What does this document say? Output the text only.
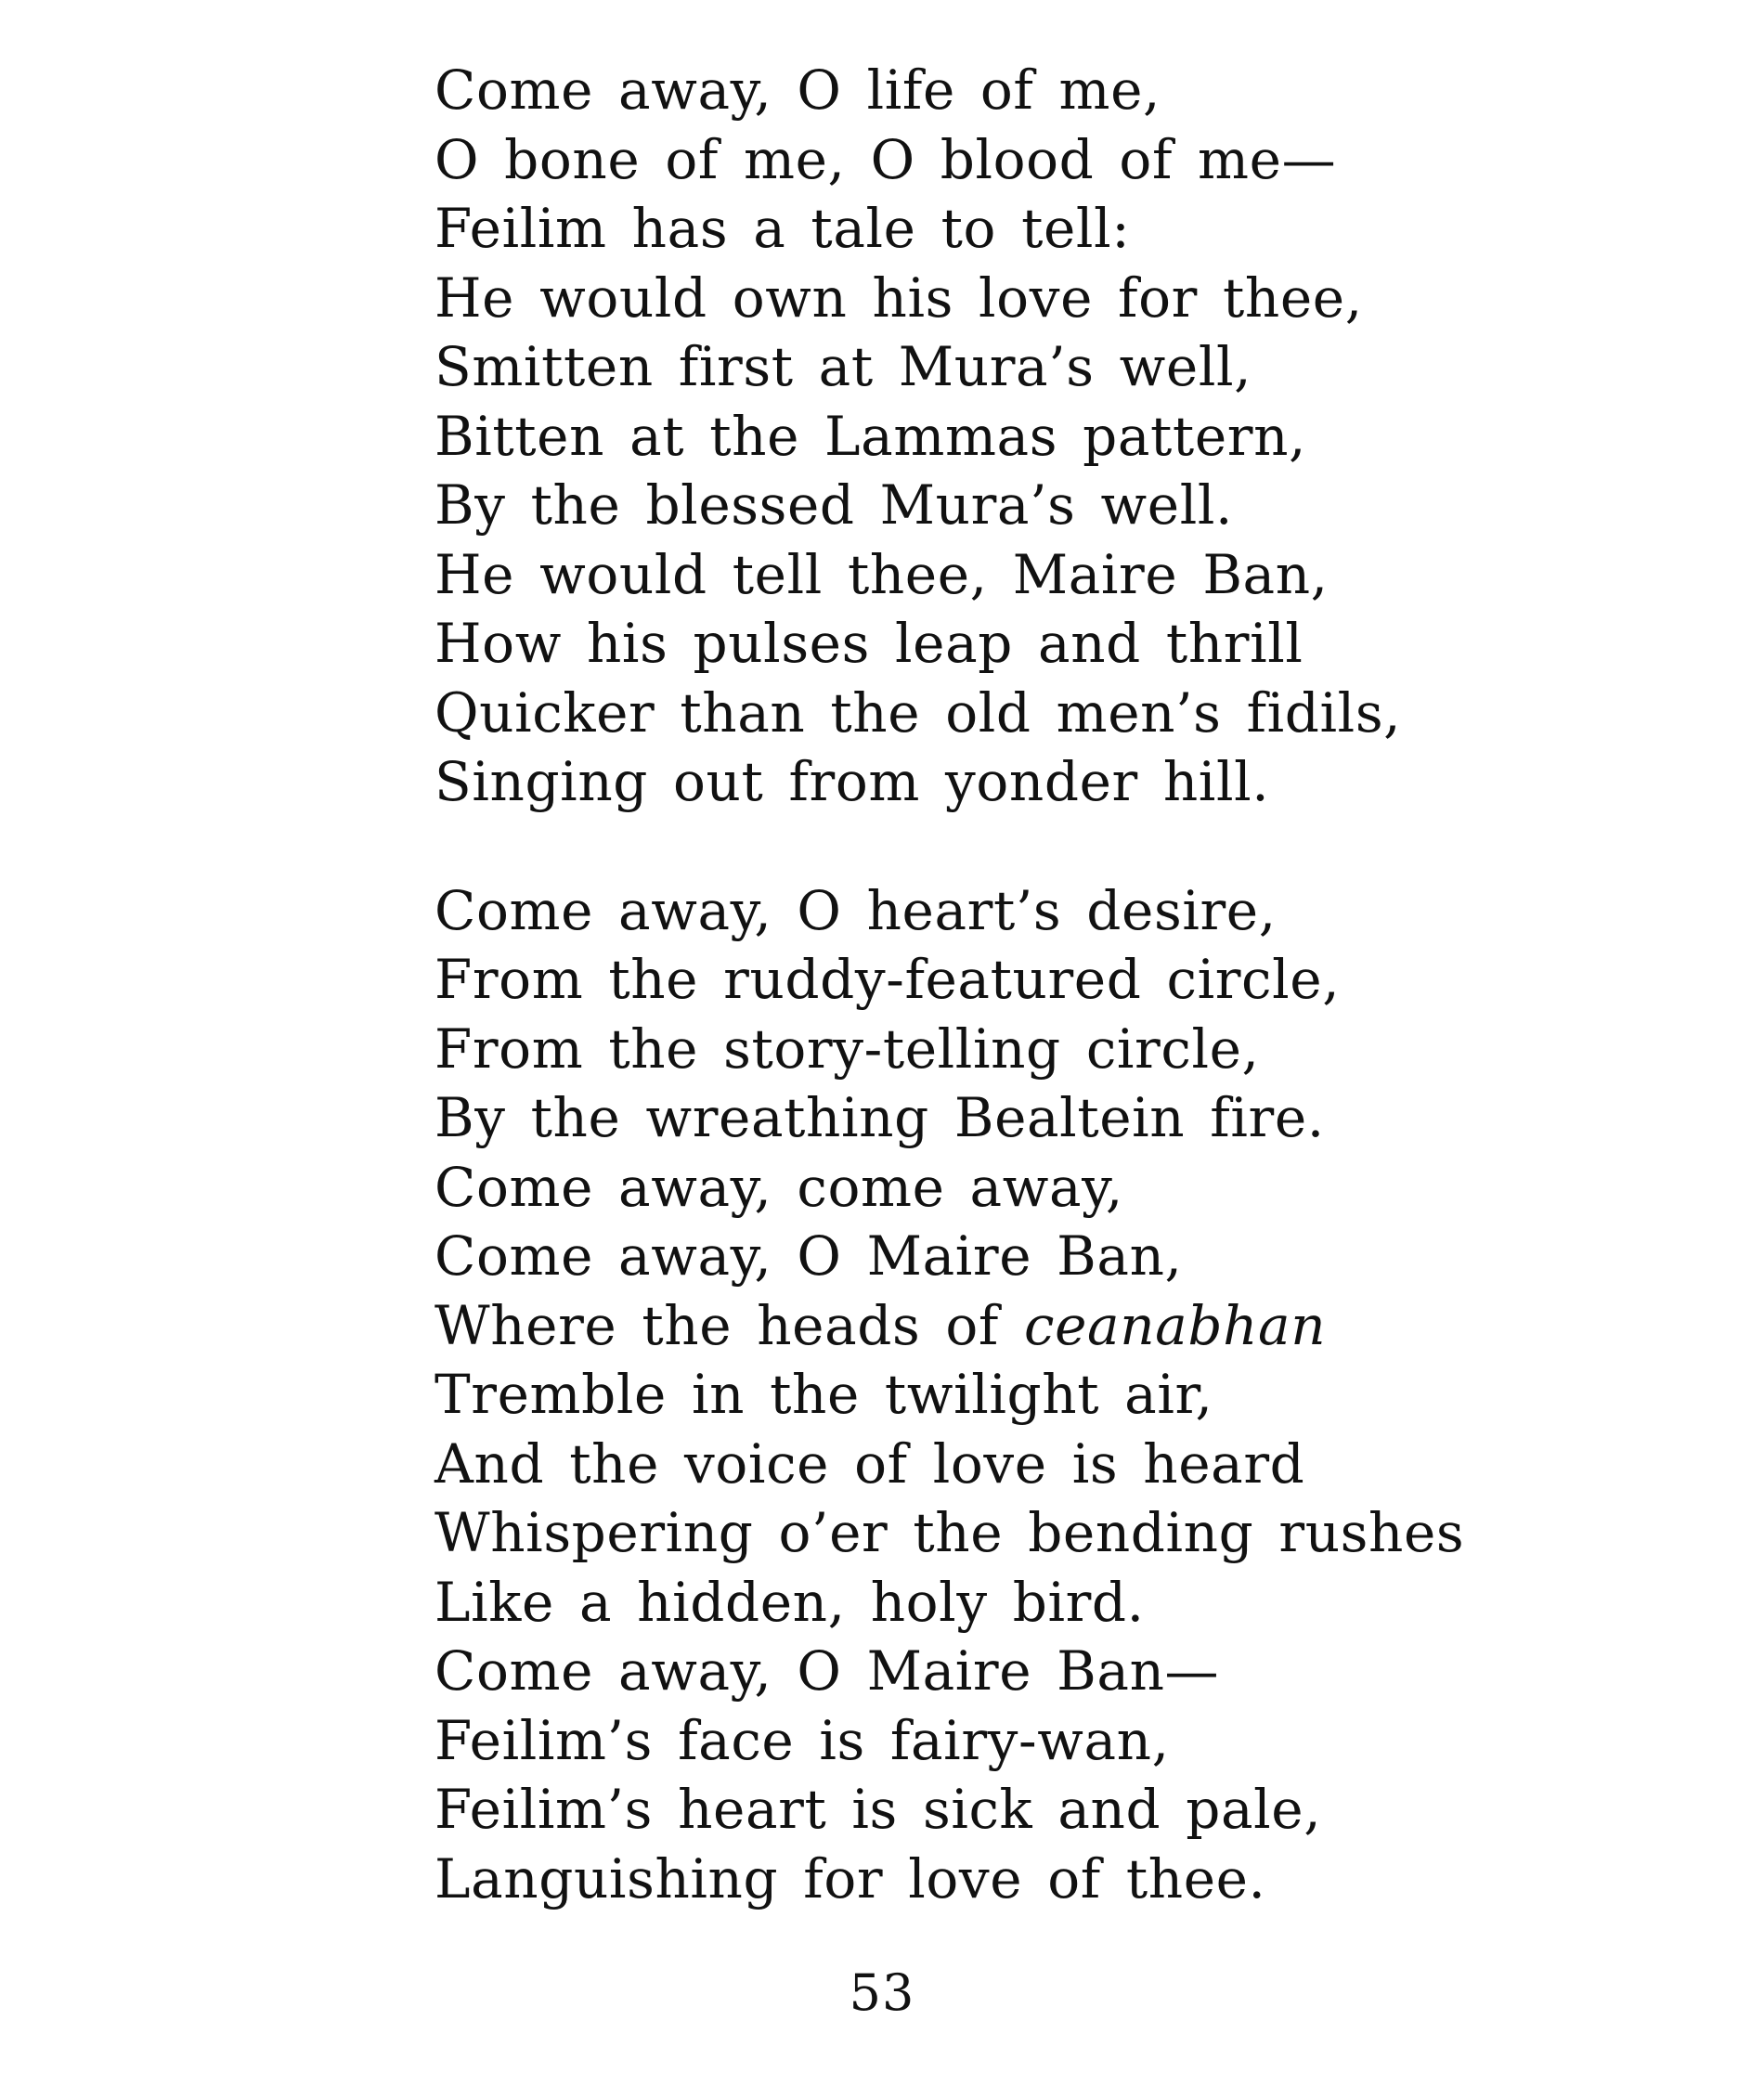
Come away, O life of me,
O bone of me, O blood of me—
Feilim has a tale to tell:
He would own his love for thee,
Smitten first at Mura’s well,
Bitten at the Lammas pattern,
By the blessed Mura’s well.
He would tell thee, Maire Ban,
How his pulses leap and thrill
Quicker than the old men’s fidils,
Singing out from yonder hill.
Come away, O heart’s desire,
From the ruddy-featured circle,
From the story-telling circle,
By the wreathing Bealtein fire.
Come away, come away,
Come away, O Maire Ban,
Where the heads of ceanabhan
Tremble in the twilight air,
And the voice of love is heard
Whispering o’er the bending rushes
Like a hidden, holy bird.
Come away, O Maire Ban—
Feilim’s face is fairy-wan,
Feilim’s heart is sick and pale,
Languishing for love of thee.
53
